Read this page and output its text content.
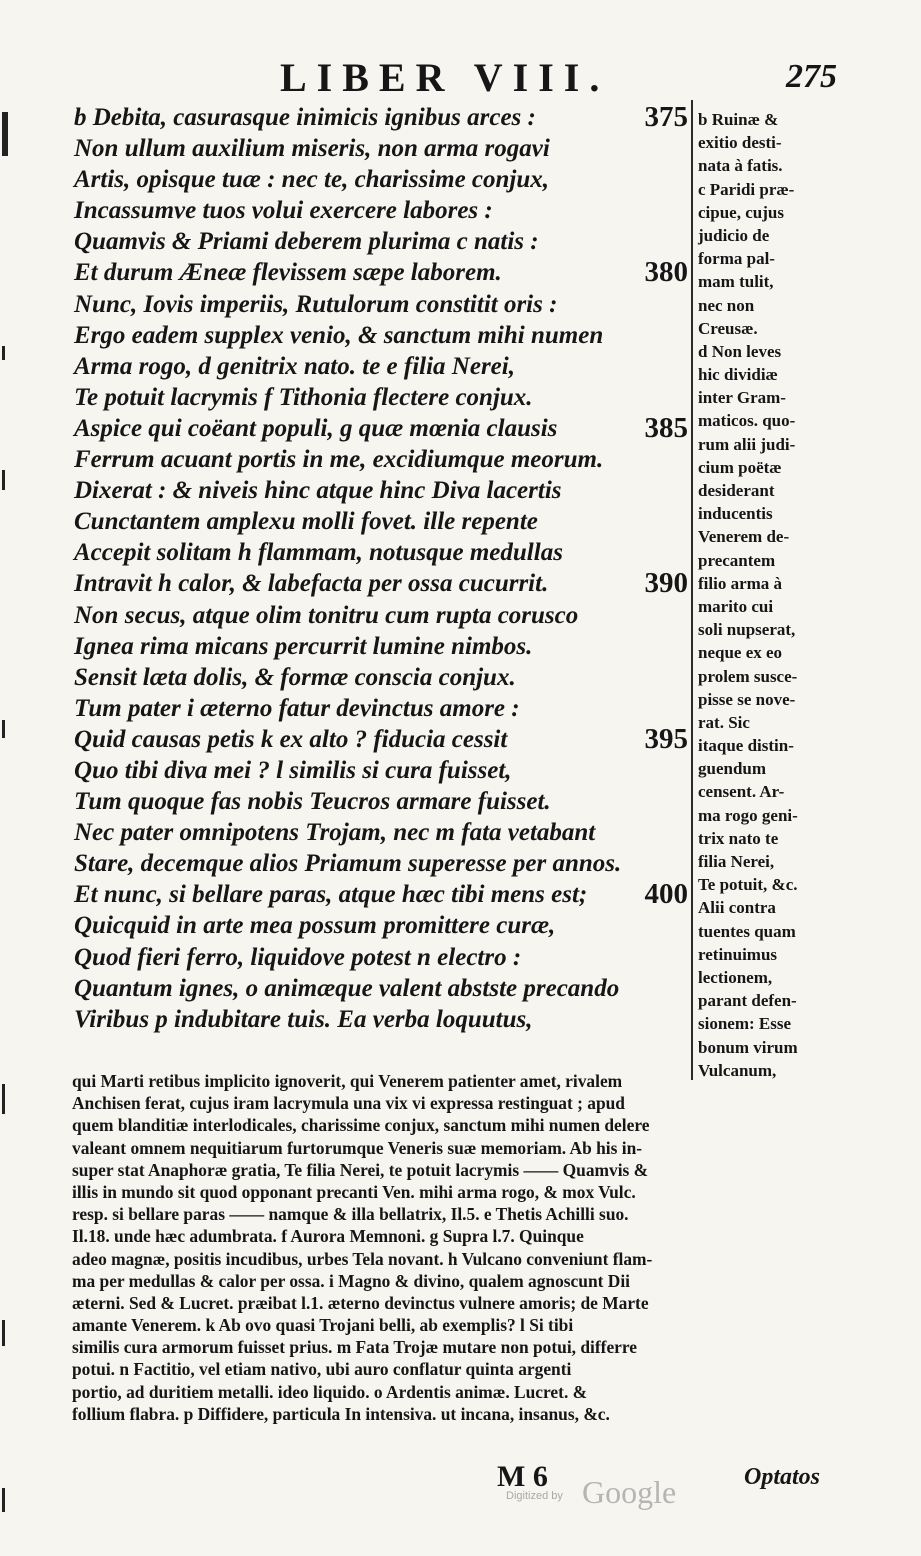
LIBER VIII.	275
b Debita, casurasque inimicis ignibus arces :	375
Non ullum auxilium miseris, non arma rogavi
Artis, opisque tuæ : nec te, charissime conjux,
Incassumve tuos volui exercere labores :
Quamvis & Priami deberem plurima c natis :
Et durum Æneæ flevissem sæpe laborem.	380
Nunc, Iovis imperiis, Rutulorum constitit oris :
Ergo eadem supplex venio, & sanctum mihi numen
Arma rogo, d genitrix nato. te e filia Nerei,
Te potuit lacrymis f Tithonia flectere conjux.
Aspice qui coëant populi, g quæ mœnia clausis	385
Ferrum acuant portis in me, excidiumque meorum.
Dixerat : & niveis hinc atque hinc Diva lacertis
Cunctantem amplexu molli fovet. ille repente
Accepit solitam h flammam, notusque medullas
Intravit h calor, & labefacta per ossa cucurrit.	390
Non secus, atque olim tonitru cum rupta corusco
Ignea rima micans percurrit lumine nimbos.
Sensit læta dolis, & formæ conscia conjux.
Tum pater i æterno fatur devinctus amore :
Quid causas petis k ex alto ? fiducia cessit	395
Quo tibi diva mei ? l similis si cura fuisset,
Tum quoque fas nobis Teucros armare fuisset.
Nec pater omnipotens Trojam, nec m fata vetabant
Stare, decemque alios Priamum superesse per annos.
Et nunc, si bellare paras, atque hæc tibi mens est; 400
Quicquid in arte mea possum promittere curæ,
Quod fieri ferro, liquidove potest n electro :
Quantum ignes, o animæque valent abstste precando
Viribus p indubitare tuis. Ea verba loquutus,
b Ruinæ &
exitio desti-
nata à fatis.
c Paridi præ-
cipue, cujus
judicio de
forma pal-
mam tulit,
nec non
Creusæ.
d Non leves
hic dividiæ
inter Gram-
maticos. quo-
rum alii judi-
cium poëtæ
desiderant
inducentis
Venerem de-
precantem
filio arma à
marito cui
soli nupserat,
neque ex eo
prolem susce-
pisse se nove-
rat. Sic
itaque distin-
guendum
censent. Ar-
ma rogo geni-
trix nato te
filia Nerei,
Te potuit, &c.
Alii contra
tuentes quam
retinuimus
lectionem,
parant defen-
sionem: Esse
bonum virum
Vulcanum,
qui Marti retibus implicito ignoverit, qui Venerem patienter amet, rivalem
Anchisen ferat, cujus iram lacrymula una vix vi expressa restinguat ; apud
quem blanditiæ interlodicales, charissime conjux, sanctum mihi numen delere
valeant omnem nequitiarum furtorumque Veneris suæ memoriam. Ab his in-
super stat Anaphoræ gratia, Te filia Nerei, te potuit lacrymis —— Quamvis &
illis in mundo sit quod opponant precanti Ven. mihi arma rogo, & mox Vulc.
resp. si bellare paras —— namque & illa bellatrix, Il.5. e Thetis Achilli suo.
Il.18. unde hæc adumbrata. f Aurora Memnoni. g Supra l.7. Quinque
adeo magnæ, positis incudibus, urbes Tela novant. h Vulcano conveniunt flam-
ma per medullas & calor per ossa. i Magno & divino, qualem agnoscunt Dii
æterni. Sed & Lucret. præibat l.1. æterno devinctus vulnere amoris; de Marte
amante Venerem. k Ab ovo quasi Trojani belli, ab exemplis? l Si tibi
similis cura armorum fuisset prius. m Fata Trojæ mutare non potui, differre
potui. n Factitio, vel etiam nativo, ubi auro conflatur quinta argenti
portio, ad duritiem metalli. ideo liquido. o Ardentis animæ. Lucret. &
follium flabra. p Diffidere, particula In intensiva. ut incana, insanus, &c.
M 6
Digitized by Google	Optatos
